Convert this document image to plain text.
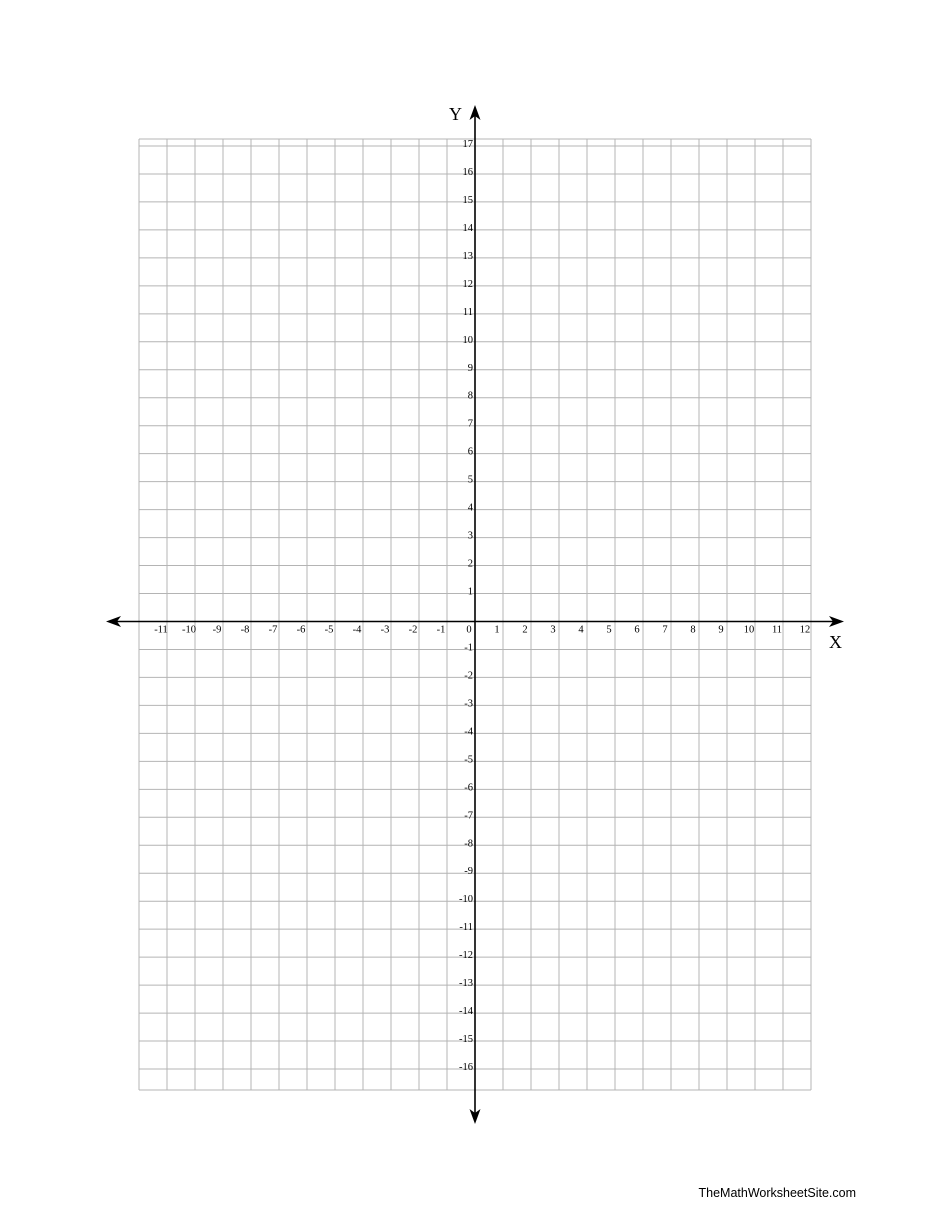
-11 -10 -9 -8 -7 -6 -5 -4 -3 -2 -1 0 1 2 3 4 5 6 7 8 9 10 11 12
17
16
15
14
13
12
11
10
9
8
7
6
5
4
3
2
1
-1
-2
-3
-4
-5
-6
-7
-8
-9
-10
-11
-12
-13
-14
-15
-16
X
Y
TheMathWorksheetSite.com
